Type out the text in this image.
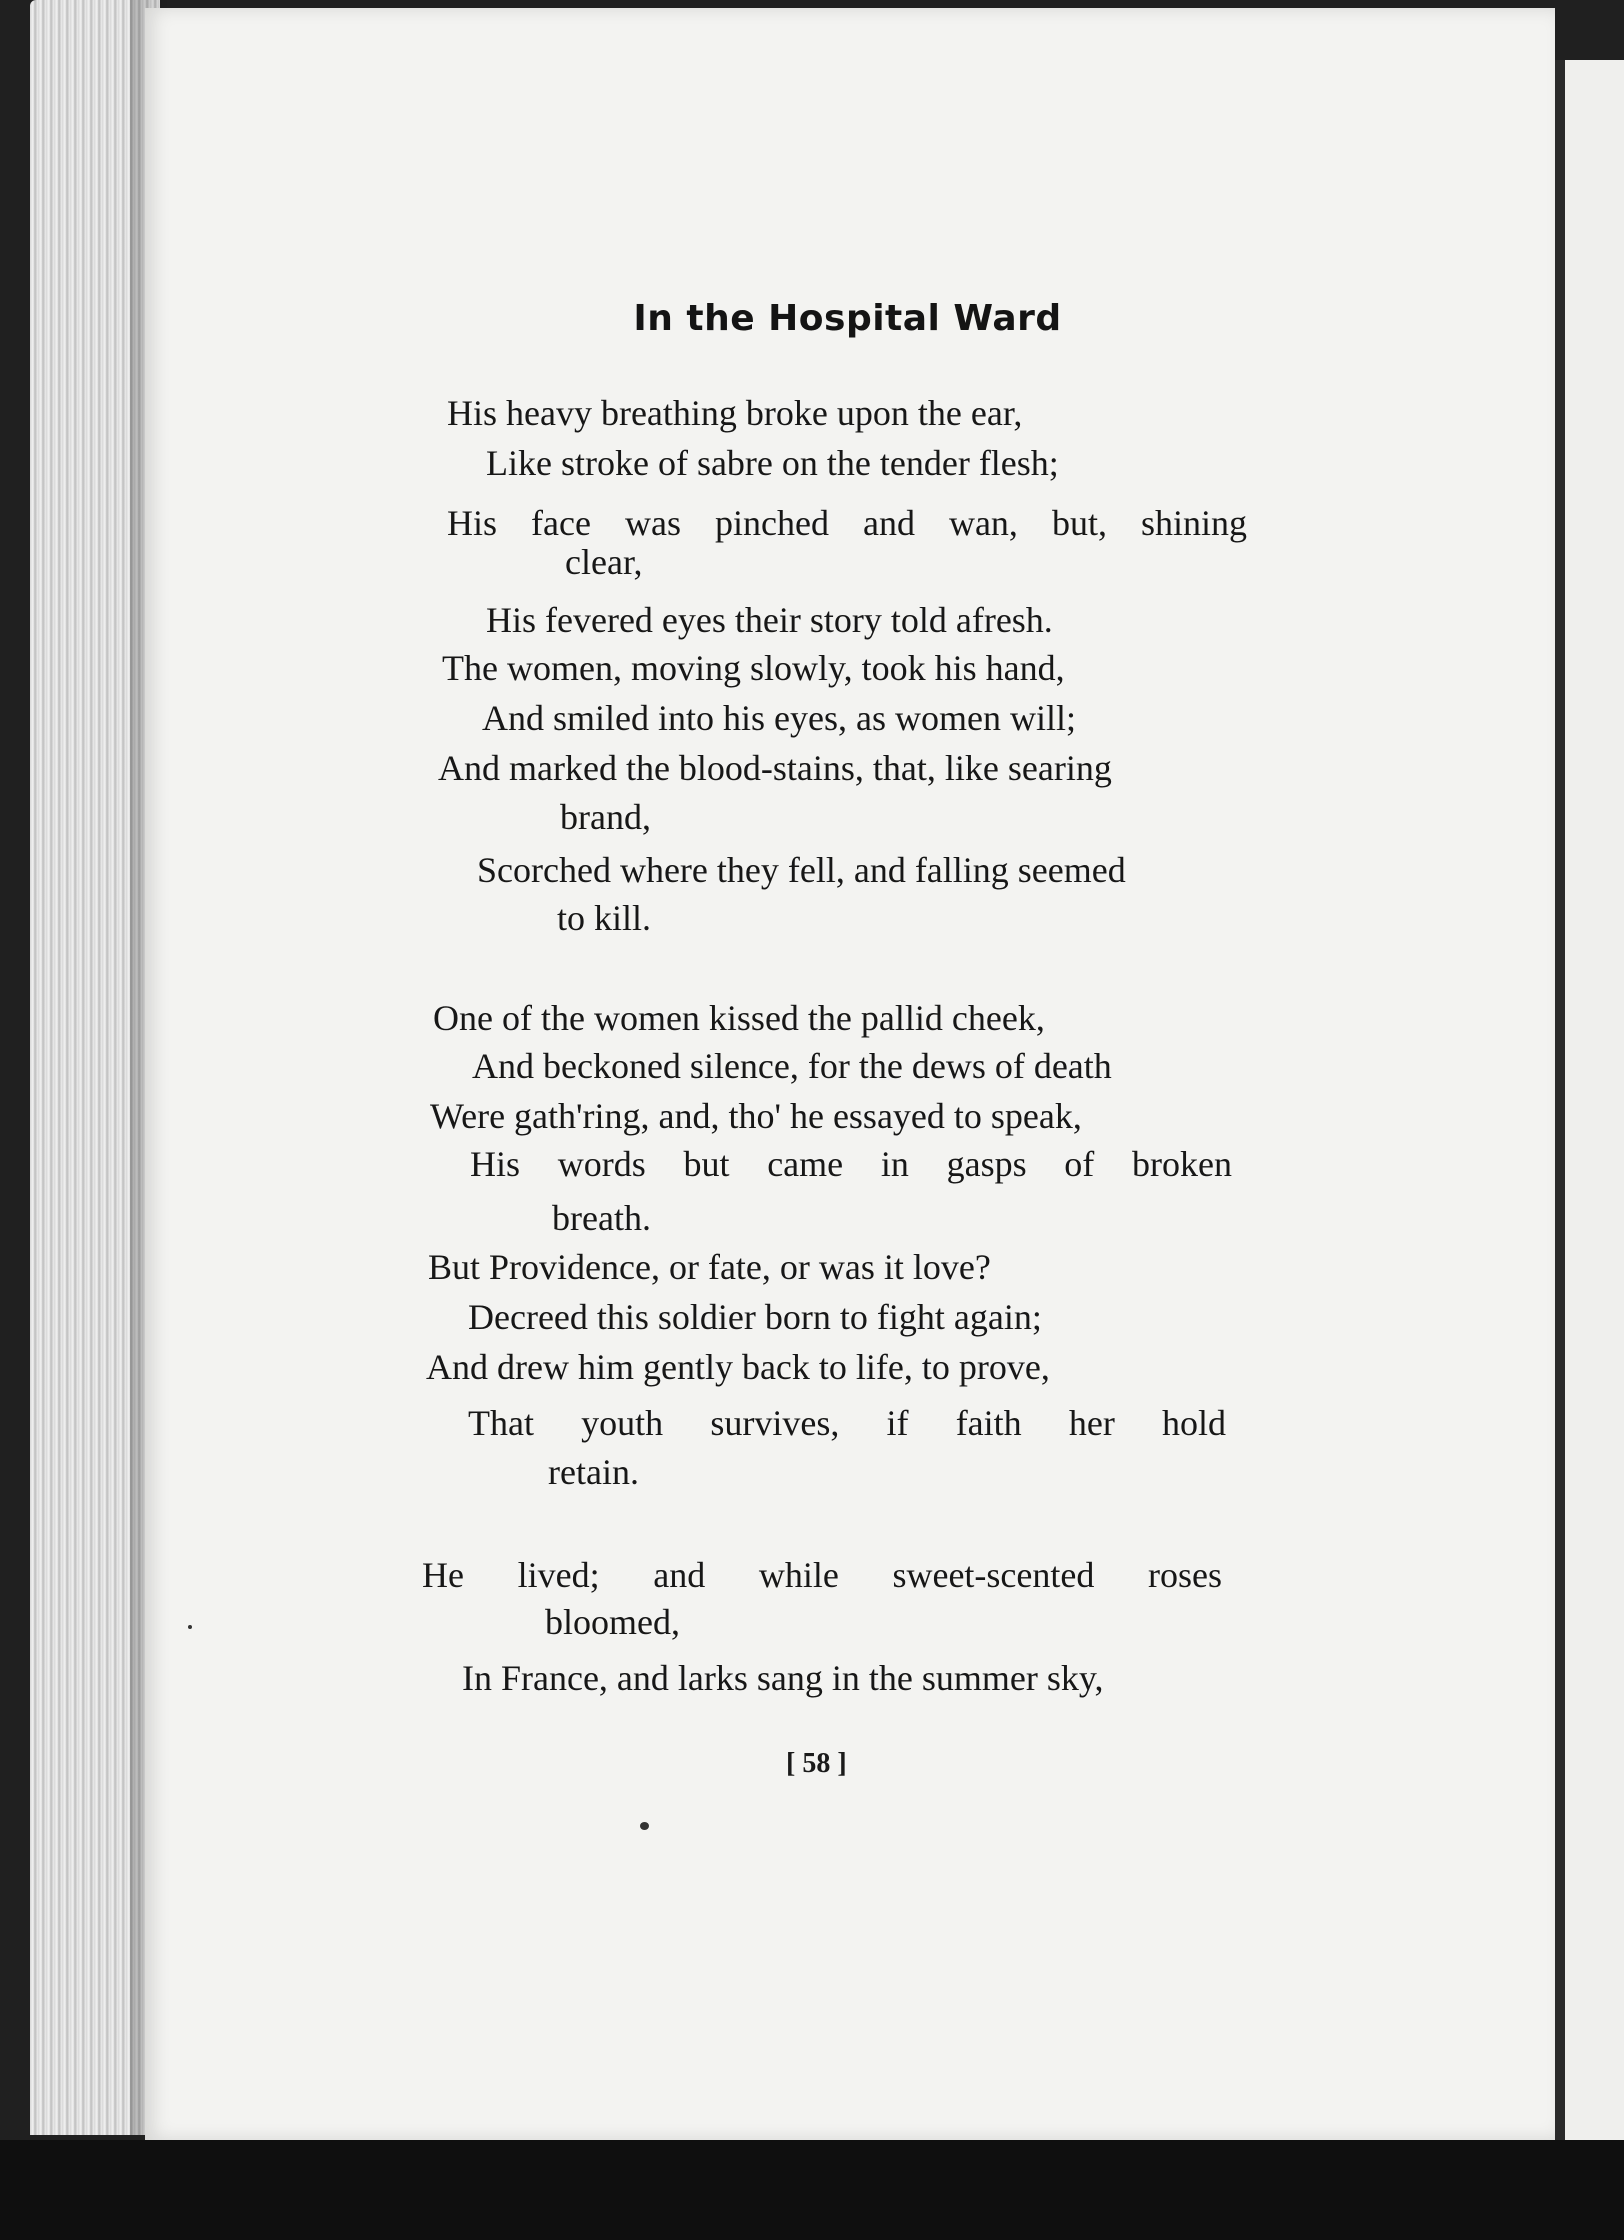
In the Hospital Ward
His heavy breathing broke upon the ear,
Like stroke of sabre on the tender flesh;
His face was pinched and wan, but, shining
clear,
His fevered eyes their story told afresh.
The women, moving slowly, took his hand,
And smiled into his eyes, as women will;
And marked the blood-stains, that, like searing
brand,
Scorched where they fell, and falling seemed
to kill.
One of the women kissed the pallid cheek,
And beckoned silence, for the dews of death
Were gath'ring, and, tho' he essayed to speak,
His words but came in gasps of broken
breath.
But Providence, or fate, or was it love?
Decreed this soldier born to fight again;
And drew him gently back to life, to prove,
That youth survives, if faith her hold
retain.
He lived; and while sweet-scented roses
bloomed,
In France, and larks sang in the summer sky,
[ 58 ]
